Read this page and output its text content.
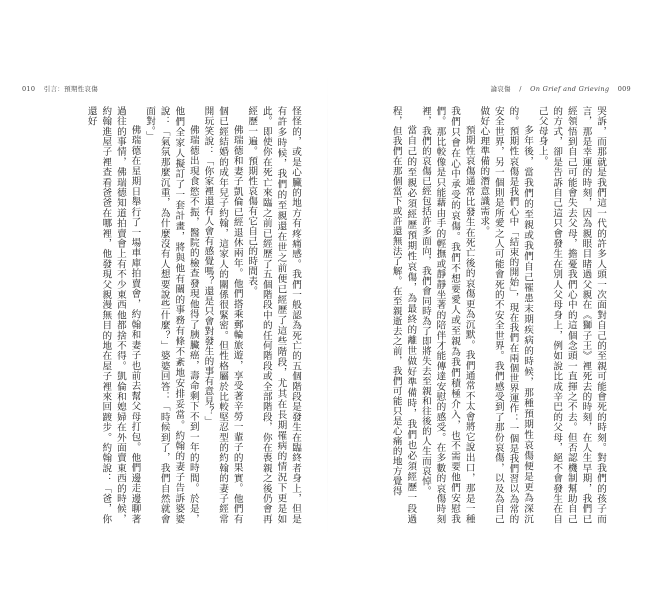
010 引言：預期性哀傷	論哀傷 / On Grief and Grieving 009

怪怪的，或是心臟的地方有疼痛感。我們一般認為死亡的五個階段是發生在臨終者身上，但是有許多時候，我們的至親還在世之前便已經歷了這些階段，尤其在長期罹病的情況下更是如此。即使你在死亡來臨之前已經歷了五個階段中的任何階段或全部階段，你在喪親之後仍會再經歷一遍。預期性哀傷有它自己的時間表。

佛瑞德和妻子凱倫已經退休兩年。他們搭乘郵輪旅遊，享受著辛勞一輩子的果實。他們有個已經結婚的成年兒子約翰，這家人的關係很緊密。但性格屬於比較堅忍型的約翰的妻子經常開玩笑說：「你家裡還有人會有感覺嗎？還是只會對發生的事有意見？」

佛瑞德出現食慾不振，醫院的檢查發現他得了胰臟癌，壽命剩下不到一年的時間。於是，他們全家人擬訂了一套計畫，將與他有關的事務有條不紊地安排妥當。約翰的妻子告訴婆婆說：「氣氛那麼沉重，為什麼沒有人想要說些什麼？」婆婆回答：「時候到了，我們自然就會面對。」

佛瑞德在星期日舉行了一場車庫拍賣會，約翰和妻子也前去幫父母打包。他們邊走邊聊著過往的事情，佛瑞德知道拍賣會上有不少東西他都捨不得。凱倫和媳婦在外面賣東西的時候，約翰進屋子裡查看爸爸在哪裡，他發現父親漫無目的地在屋子裡來回踱步。約翰說：「爸，你還好	哭訴，而那就是我們這一代的許多人頭一次面對自己的至親可能會死的時刻。對我們的孩子而言，那是幸運的時刻，因為親眼目睹過父親在《獅子王》裡死去的時刻，在人生早期，我們已經領悟到自己可能會失去父母，擔憂我們心中的這個念頭一直揮之不去。但否認機制幫助自己的方式，卻是告訴自己這只會發生在別人父母身上，例如說比成辛巴的父母，絕不會發生在自己父母身上。

多年後，當我們的至親或我們自己罹患末期疾病的時候，那種預期性哀傷便是更為深沉的。預期性哀傷是我們心中「結束的開始」，現在我們在兩個世界運作：一個是我們習以為常的安全世界，另一個則是所愛之人可能會死的不安全世界。我們感受到了那份哀傷，以及為自己做好心理準備的潛意識需求。

預期性哀傷通常比發生在死亡後的哀傷更為沉默。我們通常不太會將它說出口，那是一種我們只會在心中承受的哀傷。我們不想要愛人或至親為我們積極介入，也不需要他們安慰我們。那比較像是只能藉由手的輕撫或靜靜坐著的陪伴才能傳達安慰的感受。在多數的哀傷時刻裡，我們的哀傷已經包括許多面向，我們會同時為了即將失去至親和往後的人生而哀悼。

當自己的至親必須經歷預期性哀傷，為最終的離世做好準備時，我們也必須經歷一段過程，但我們在那個當下或許還無法了解。在至親逝去之前，我們可能只是心痛的地方覺得
